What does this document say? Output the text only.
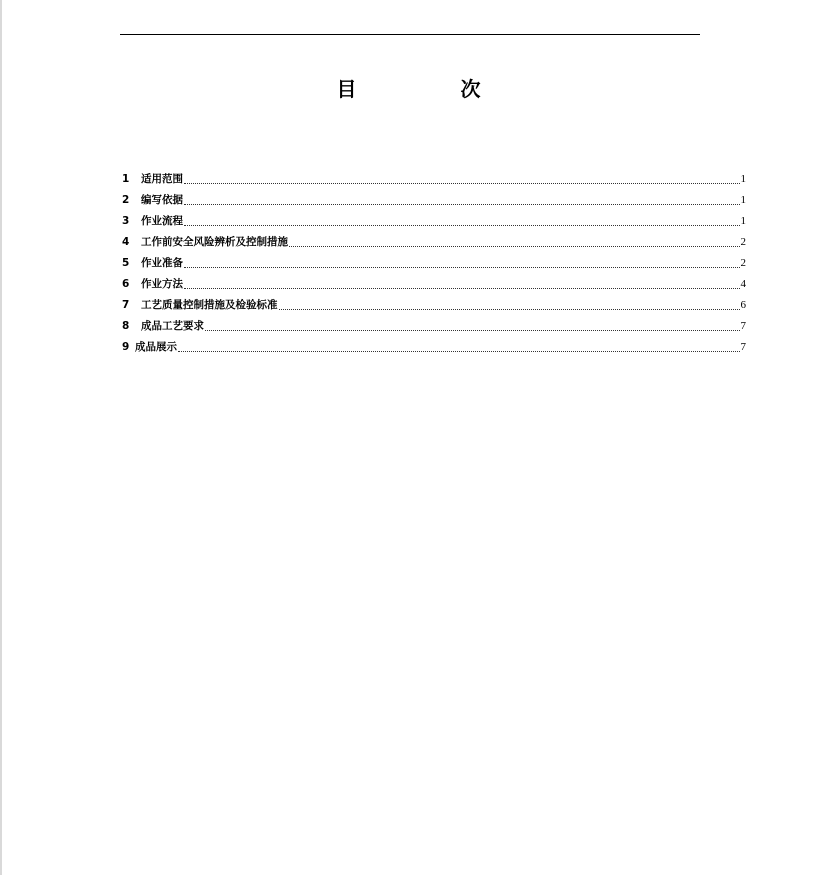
目　次
1	适用范围	1
2	编写依据	1
3	作业流程	1
4	工作前安全风险辨析及控制措施	2
5	作业准备	2
6	作业方法	4
7	工艺质量控制措施及检验标准	6
8	成品工艺要求	7
9 成品展示	7
